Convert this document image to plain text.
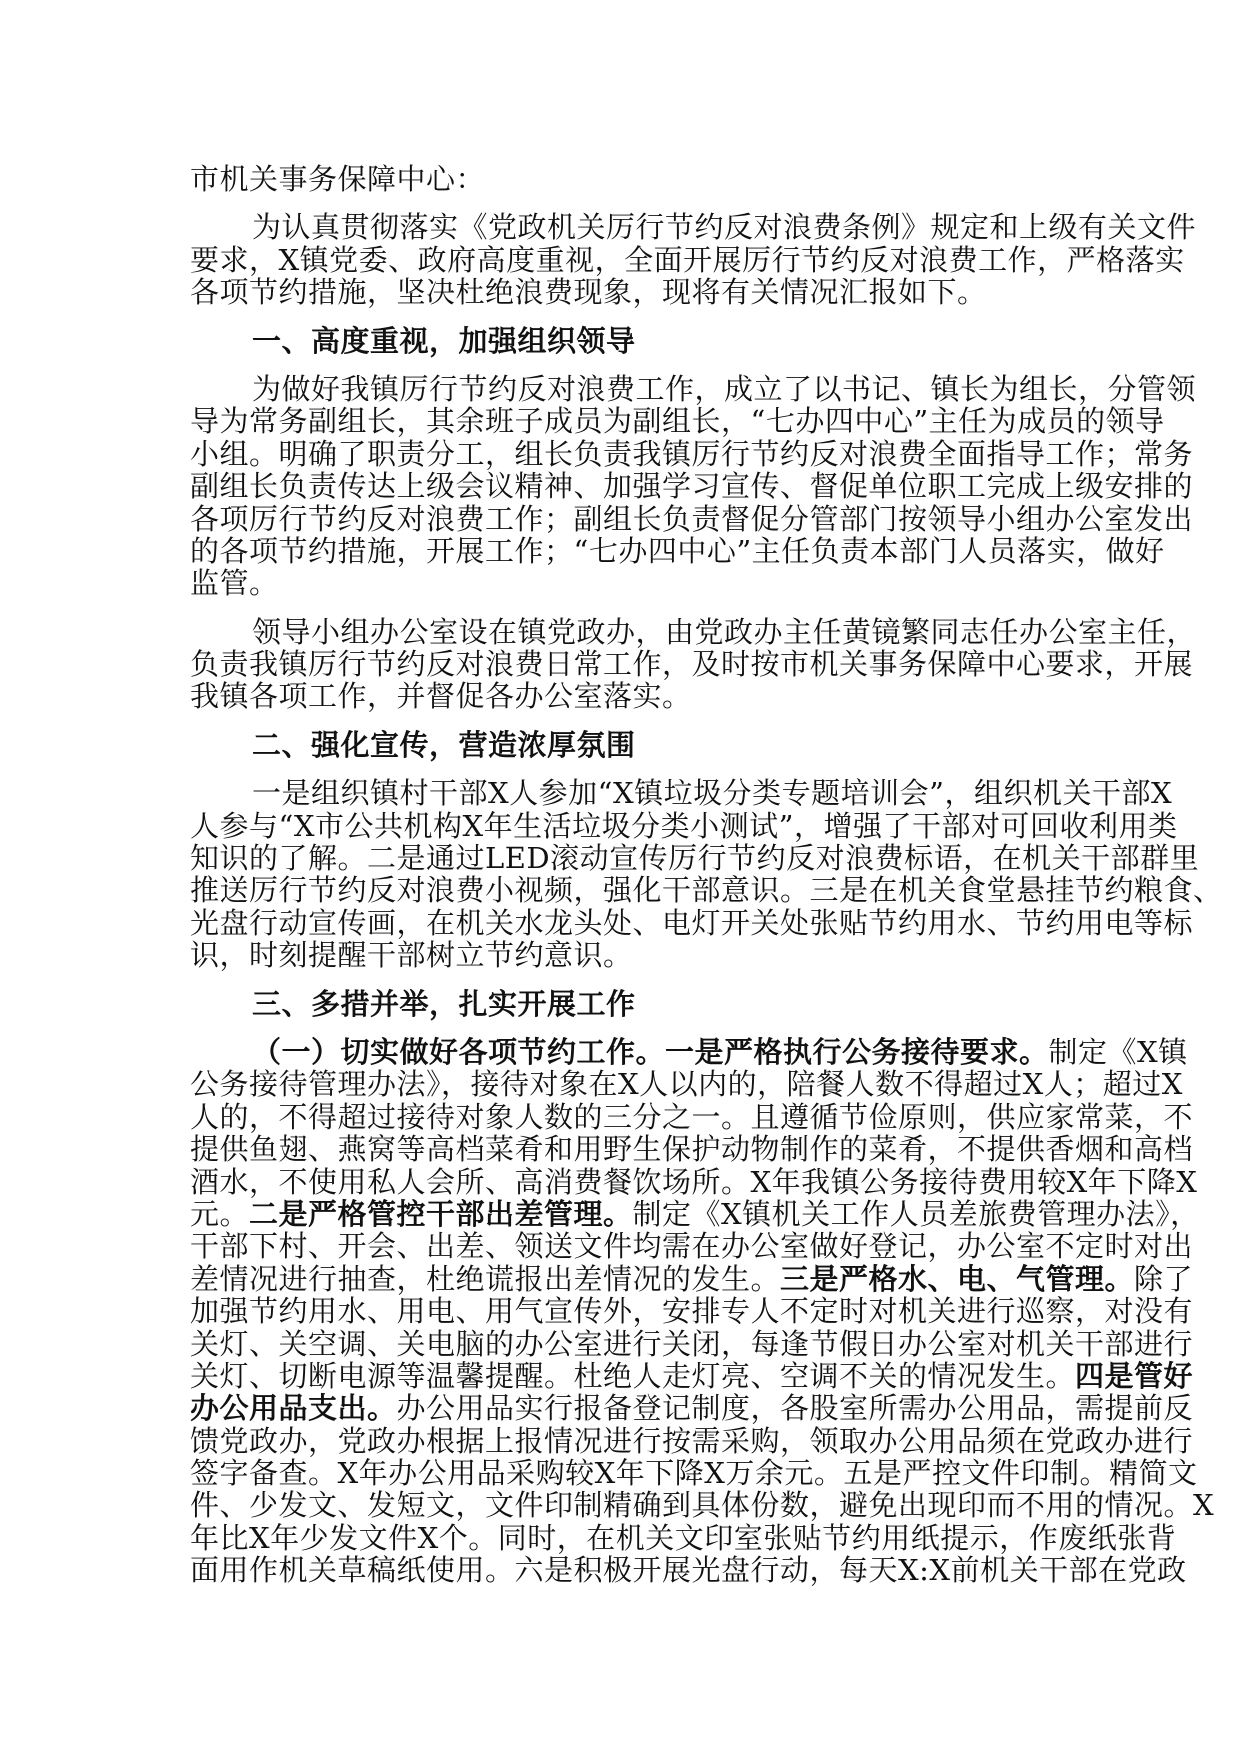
市机关事务保障中心：
为认真贯彻落实《党政机关厉行节约反对浪费条例》规定和上级有关文件
要求，X镇党委、政府高度重视，全面开展厉行节约反对浪费工作，严格落实
各项节约措施，坚决杜绝浪费现象，现将有关情况汇报如下。
一、高度重视，加强组织领导
为做好我镇厉行节约反对浪费工作，成立了以书记、镇长为组长，分管领
导为常务副组长，其余班子成员为副组长，“七办四中心”主任为成员的领导
小组。明确了职责分工，组长负责我镇厉行节约反对浪费全面指导工作；常务
副组长负责传达上级会议精神、加强学习宣传、督促单位职工完成上级安排的
各项厉行节约反对浪费工作；副组长负责督促分管部门按领导小组办公室发出
的各项节约措施，开展工作；“七办四中心”主任负责本部门人员落实，做好
监管。
领导小组办公室设在镇党政办，由党政办主任黄镜繁同志任办公室主任，
负责我镇厉行节约反对浪费日常工作，及时按市机关事务保障中心要求，开展
我镇各项工作，并督促各办公室落实。
二、强化宣传，营造浓厚氛围
一是组织镇村干部X人参加“X镇垃圾分类专题培训会”，组织机关干部X
人参与“X市公共机构X年生活垃圾分类小测试”，增强了干部对可回收利用类
知识的了解。二是通过LED滚动宣传厉行节约反对浪费标语，在机关干部群里
推送厉行节约反对浪费小视频，强化干部意识。三是在机关食堂悬挂节约粮食、
光盘行动宣传画，在机关水龙头处、电灯开关处张贴节约用水、节约用电等标
识，时刻提醒干部树立节约意识。
三、多措并举，扎实开展工作
（一）切实做好各项节约工作。一是严格执行公务接待要求。制定《X镇
公务接待管理办法》，接待对象在X人以内的，陪餐人数不得超过X人；超过X
人的，不得超过接待对象人数的三分之一。且遵循节俭原则，供应家常菜，不
提供鱼翅、燕窝等高档菜肴和用野生保护动物制作的菜肴，不提供香烟和高档
酒水，不使用私人会所、高消费餐饮场所。X年我镇公务接待费用较X年下降X
元。二是严格管控干部出差管理。制定《X镇机关工作人员差旅费管理办法》，
干部下村、开会、出差、领送文件均需在办公室做好登记，办公室不定时对出
差情况进行抽查，杜绝谎报出差情况的发生。三是严格水、电、气管理。除了
加强节约用水、用电、用气宣传外，安排专人不定时对机关进行巡察，对没有
关灯、关空调、关电脑的办公室进行关闭，每逢节假日办公室对机关干部进行
关灯、切断电源等温馨提醒。杜绝人走灯亮、空调不关的情况发生。四是管好
办公用品支出。办公用品实行报备登记制度，各股室所需办公用品，需提前反
馈党政办，党政办根据上报情况进行按需采购，领取办公用品须在党政办进行
签字备查。X年办公用品采购较X年下降X万余元。五是严控文件印制。精简文
件、少发文、发短文，文件印制精确到具体份数，避免出现印而不用的情况。X
年比X年少发文件X个。同时，在机关文印室张贴节约用纸提示，作废纸张背
面用作机关草稿纸使用。六是积极开展光盘行动，每天X:X前机关干部在党政
